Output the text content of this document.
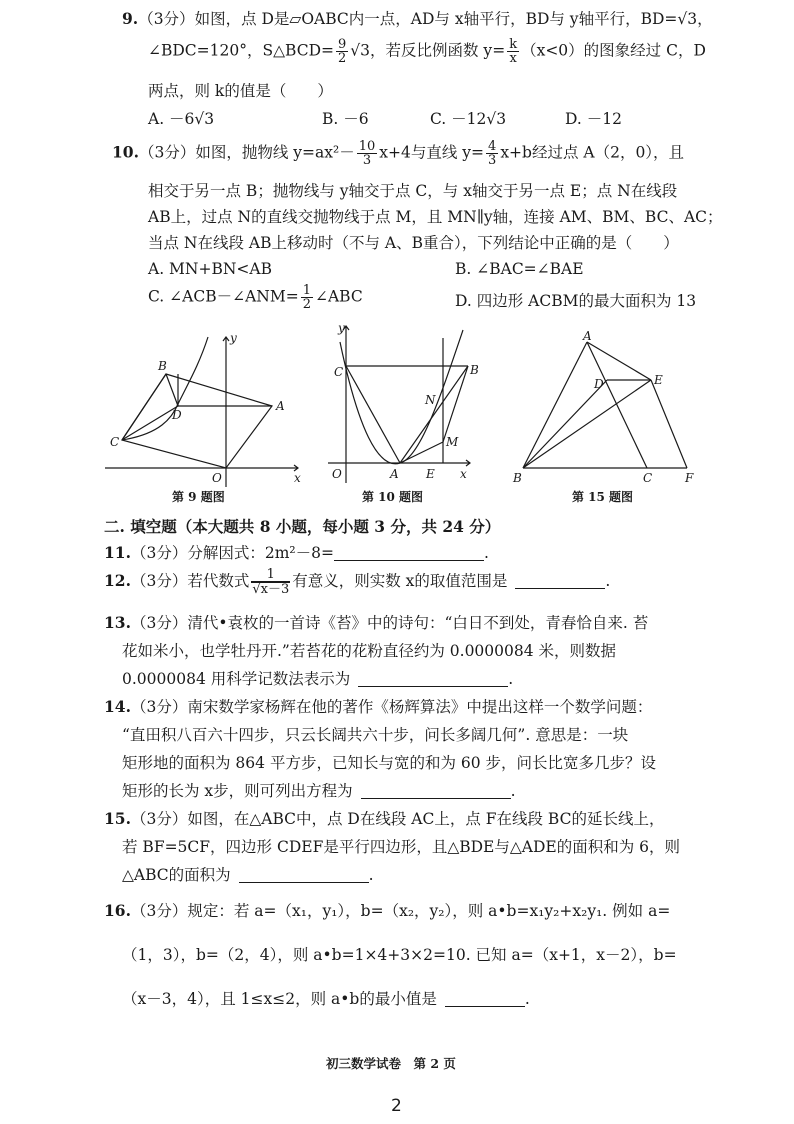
9.（3分）如图，点 D是▱OABC内一点，AD与 x轴平行，BD与 y轴平行，BD=√3，
∠BDC=120°，S△BCD= $\frac{9}{2} √3$，若反比例函数 $y= \frac{k}{x} (x<0)$的图象经过 C，D
两点，则 k的值是（　　）
A. －6√3	B. －6	C. －12√3	D. －12
10.（3分）如图，抛物线 $y=ax^2- \frac{10}{3} x+4$与直线 $y= \frac{4}{3} x+b$经过点 A（2，0），且
相交于另一点 B；抛物线与 y轴交于点 C，与 x轴交于另一点 E；点 N在线段
AB上，过点 N的直线交抛物线于点 M，且 MN∥y轴，连接 AM、BM、BC、AC；
当点 N在线段 AB上移动时（不与 A、B重合），下列结论中正确的是（　　）
A. MN+BN<AB	B. ∠BAC=∠BAE
C. ∠ACB－∠ANM= $\frac{1}{2}$ ∠ABC	D. 四边形 ACBM的最大面积为 13
B
D
A
C
O	x
y
第 9 题图
y
C	B
N
M
O	A E x
第 10 题图
A
D	E
B	C	F
第 15 题图
二. 填空题（本大题共 8 小题，每小题 3 分，共 24 分）
11.（3分）分解因式：2m²－8=	.
12.（3分）若代数式 $\frac{1}{√x-3}$ 有意义，则实数 x的取值范围是	.
13.（3分）清代•袁枚的一首诗《苔》中的诗句：“白日不到处，青春恰自来. 苔
花如米小，也学牡丹开.”若苔花的花粉直径约为 0.0000084 米，则数据
0.0000084 用科学记数法表示为	.
14.（3分）南宋数学家杨辉在他的著作《杨辉算法》中提出这样一个数学问题：
“直田积八百六十四步，只云长阔共六十步，问长多阔几何”. 意思是：一块
矩形地的面积为 864 平方步，已知长与宽的和为 60 步，问长比宽多几步？设
矩形的长为 x步，则可列出方程为	.
15.（3分）如图，在△ABC中，点 D在线段 AC上，点 F在线段 BC的延长线上，
若 BF=5CF，四边形 CDEF是平行四边形，且△BDE与△ADE的面积和为 6，则
△ABC的面积为	.
16.（3分）规定：若 a=（x₁，y₁），b=（x₂，y₂），则 a•b=x₁y₂+x₂y₁. 例如 a=
（1，3），b=（2，4），则 a•b=1×4+3×2=10. 已知 a=（x+1，x－2），b=
（x－3，4），且 1≤x≤2，则 a•b的最小值是	.
初三数学试卷　第 2 页
2
